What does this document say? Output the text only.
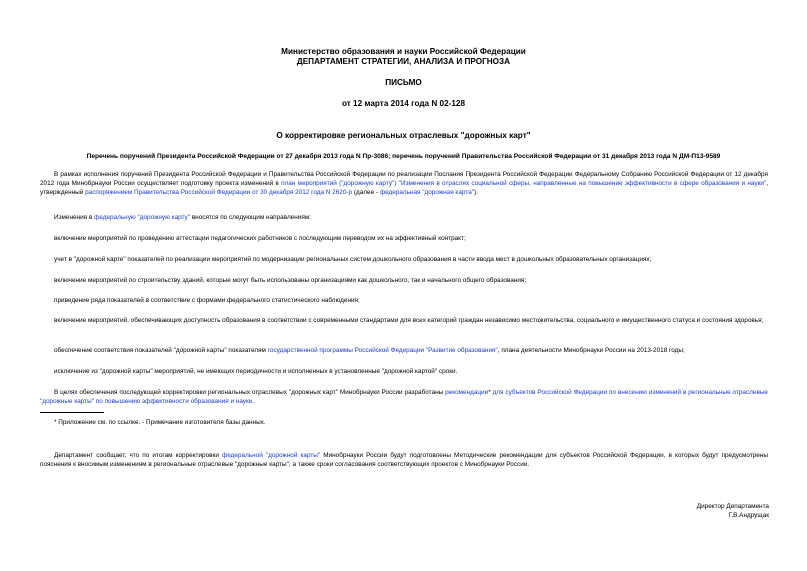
Министерство образования и науки Российской Федерации
ДЕПАРТАМЕНТ СТРАТЕГИИ, АНАЛИЗА И ПРОГНОЗА
ПИСЬМО
от 12 марта 2014 года N 02-128
О корректировке региональных отраслевых "дорожных карт"
Перечень поручений Президента Российской Федерации от 27 декабря 2013 года N Пр-3086; перечень поручений Правительства Российской Федерации от 31 декабря 2013 года N ДМ-П13-9589
В рамках исполнения поручений Президента Российской Федерации и Правительства Российской Федерации по реализации Послания Президента Российской Федерации Федеральному Собранию Российской Федерации от 12 декабря 2012 года Минобрнауки России осуществляет подготовку проекта изменений в план мероприятий ("дорожную карту") "Изменения в отраслях социальной сферы, направленные на повышение эффективности в сфере образования и науки", утвержденный распоряжением Правительства Российской Федерации от 30 декабря 2012 года N 2620-р (далее - федеральная "дорожная карта").
Изменения в федеральную "дорожную карту" вносятся по следующим направлениям:
включение мероприятий по проведению аттестации педагогических работников с последующим переводом их на эффективный контракт;
учет в "дорожной карте" показателей по реализации мероприятий по модернизации региональных систем дошкольного образования в части ввода мест в дошкольных образовательных организациях;
включение мероприятий по строительству зданий, которые могут быть использованы организациями как дошкольного, так и начального общего образования;
приведение ряда показателей в соответствие с формами федерального статистического наблюдения;
включение мероприятий, обеспечивающих доступность образования в соответствии с современными стандартами для всех категорий граждан независимо местожительства, социального и имущественного статуса и состояния здоровья;
обеспечение соответствия показателей "дорожной карты" показателям государственной программы Российской Федерации "Развитие образования", плана деятельности Минобрнауки России на 2013-2018 годы;
исключение из "дорожной карты" мероприятий, не имеющих периодичности и исполненных в установленные "дорожной картой" сроки.
В целях обеспечения последующей корректировки региональных отраслевых "дорожных карт" Минобрнауки России разработаны рекомендации* для субъектов Российской Федерации по внесению изменений в региональные отраслевые "дорожные карты" по повышению эффективности образования и науки.
* Приложение см. по ссылке. - Примечание изготовителя базы данных.
Департамент сообщает, что по итогам корректировки федеральной "дорожной карты" Минобрнауки России будут подготовлены Методические рекомендации для субъектов Российской Федерации, в которых будут предусмотрены пояснения к вносимым изменениям в региональные отраслевые "дорожные карты", а также сроки согласования соответствующих проектов с Минобрнауки России.
Директор Департамента
Г.В.Андрущак
